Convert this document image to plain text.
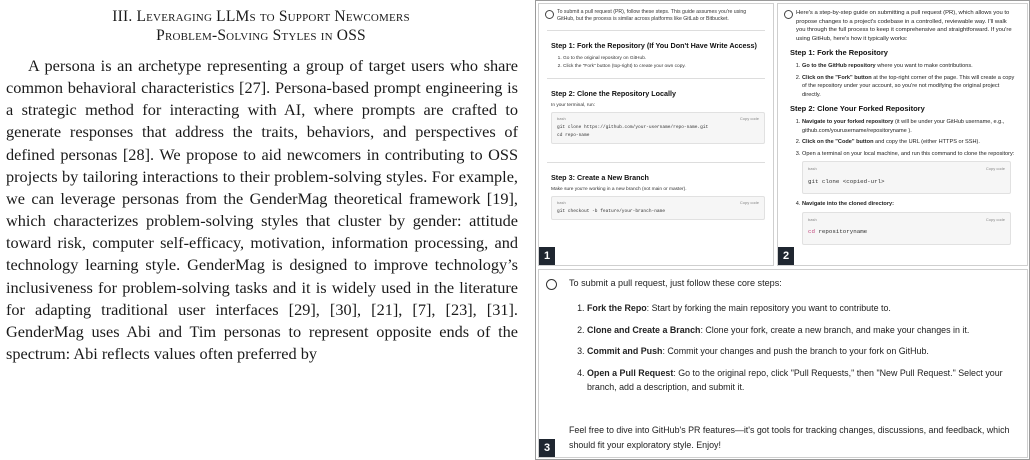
III. Leveraging LLMs to Support Newcomers
Problem-Solving Styles in OSS

A persona is an archetype representing a group of target users who share common behavioral characteristics [27]. Persona-based prompt engineering is a strategic method for interacting with AI, where prompts are crafted to generate responses that address the traits, behaviors, and perspectives of defined personas [28]. We propose to aid newcomers in contributing to OSS projects by tailoring interactions to their problem-solving styles. For example, we can leverage personas from the GenderMag theoretical framework [19], which characterizes problem-solving styles that cluster by gender: attitude toward risk, computer self-efficacy, motivation, information processing, and technology learning style. GenderMag is designed to improve technology’s inclusiveness for problem-solving tasks and it is widely used in the literature for adapting traditional user interfaces [29], [30], [21], [7], [23], [31]. GenderMag uses Abi and Tim personas to represent opposite ends of the spectrum: Abi reflects values often preferred by

To submit a pull request (PR), follow these steps. This guide assumes you're using GitHub, but the process is similar across platforms like GitLab or Bitbucket.

Step 1: Fork the Repository (If You Don't Have Write Access)
1. Go to the original repository on GitHub.
2. Click the "Fork" button (top-right) to create your own copy.
Step 2: Clone the Repository Locally

In your terminal, run:

bash	Copy code
git clone https://github.com/your-username/repo-name.git
cd repo-name
Step 3: Create a New Branch

Make sure you're working in a new branch (not main or master).

bash	Copy code
git checkout -b feature/your-branch-name
1

Here's a step-by-step guide on submitting a pull request (PR), which allows you to propose changes to a project's codebase in a controlled, reviewable way. I'll walk you through the full process to keep it comprehensive and straightforward. If you're using GitHub, here's how it typically works:

Step 1: Fork the Repository
1. Go to the GitHub repository where you want to make contributions.
2. Click on the "Fork" button at the top-right corner of the page. This will create a copy of the repository under your account, so you're not modifying the original project directly.
Step 2: Clone Your Forked Repository
1. Navigate to your forked repository (it will be under your GitHub username, e.g., github.com/yourusername/repositoryname ).
2. Click on the "Code" button and copy the URL (either HTTPS or SSH).
3. Open a terminal on your local machine, and run this command to clone the repository:
bash	Copy code
git clone <copied-url>
4. Navigate into the cloned directory:
bash	Copy code
cd repositoryname
2

To submit a pull request, just follow these core steps:

1. Fork the Repo: Start by forking the main repository you want to contribute to.
2. Clone and Create a Branch: Clone your fork, create a new branch, and make your changes in it.
3. Commit and Push: Commit your changes and push the branch to your fork on GitHub.
4. Open a Pull Request: Go to the original repo, click "Pull Requests," then "New Pull Request." Select your branch, add a description, and submit it.

Feel free to dive into GitHub's PR features—it's got tools for tracking changes, discussions, and feedback, which should fit your exploratory style. Enjoy!

3
